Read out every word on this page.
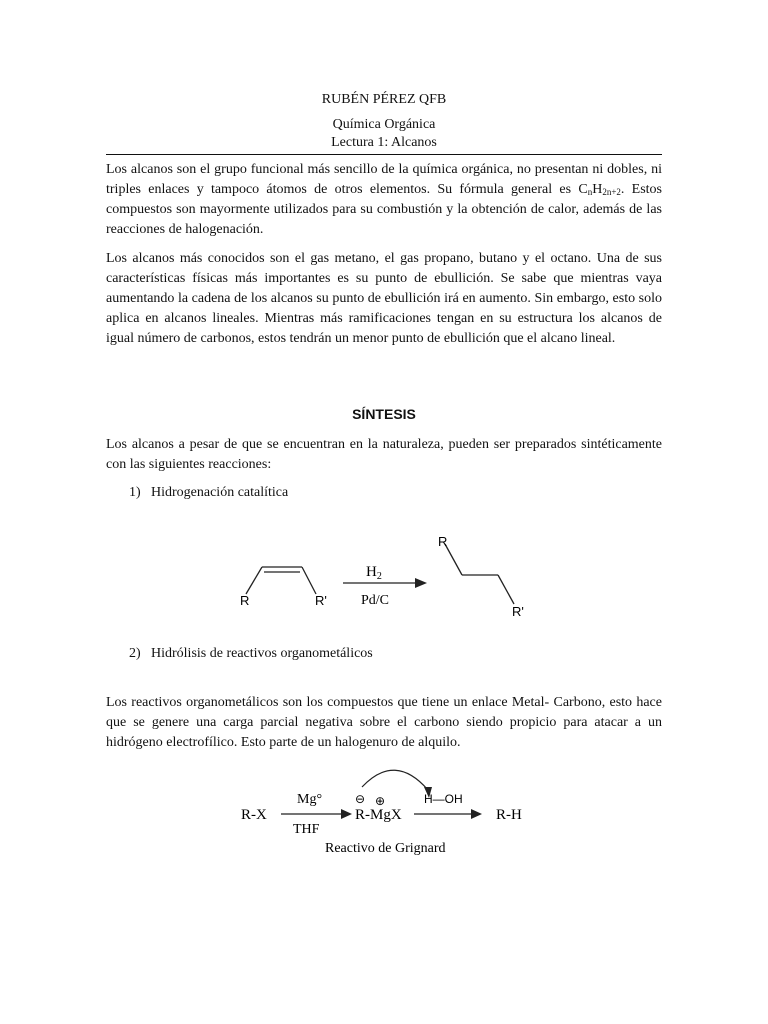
RUBÉN PÉREZ QFB
Química Orgánica
Lectura 1: Alcanos

Los alcanos son el grupo funcional más sencillo de la química orgánica, no presentan ni dobles, ni triples enlaces y tampoco átomos de otros elementos. Su fórmula general es $C_nH_{2n+2}$. Estos compuestos son mayormente utilizados para su combustión y la obtención de calor, además de las reacciones de halogenación.

Los alcanos más conocidos son el gas metano, el gas propano, butano y el octano. Una de sus características físicas más importantes es su punto de ebullición. Se sabe que mientras vaya aumentando la cadena de los alcanos su punto de ebullición irá en aumento. Sin embargo, esto solo aplica en alcanos lineales. Mientras más ramificaciones tengan en su estructura los alcanos de igual número de carbonos, estos tendrán un menor punto de ebullición que el alcano lineal.

SÍNTESIS

Los alcanos a pesar de que se encuentran en la naturaleza, pueden ser preparados sintéticamente con las siguientes reacciones:

1) Hidrogenación catalítica
R	R'
$H_2$
Pd/C
R
R'
2) Hidrólisis de reactivos organometálicos

Los reactivos organometálicos son los compuestos que tiene un enlace Metal- Carbono, esto hace que se genere una carga parcial negativa sobre el carbono siendo propicio para atacar a un hidrógeno electrofílico. Esto parte de un halogenuro de alquilo.

R-X
Mg°
THF
⊖ ⊕
R-MgX
H—OH
R-H
Reactivo de Grignard
